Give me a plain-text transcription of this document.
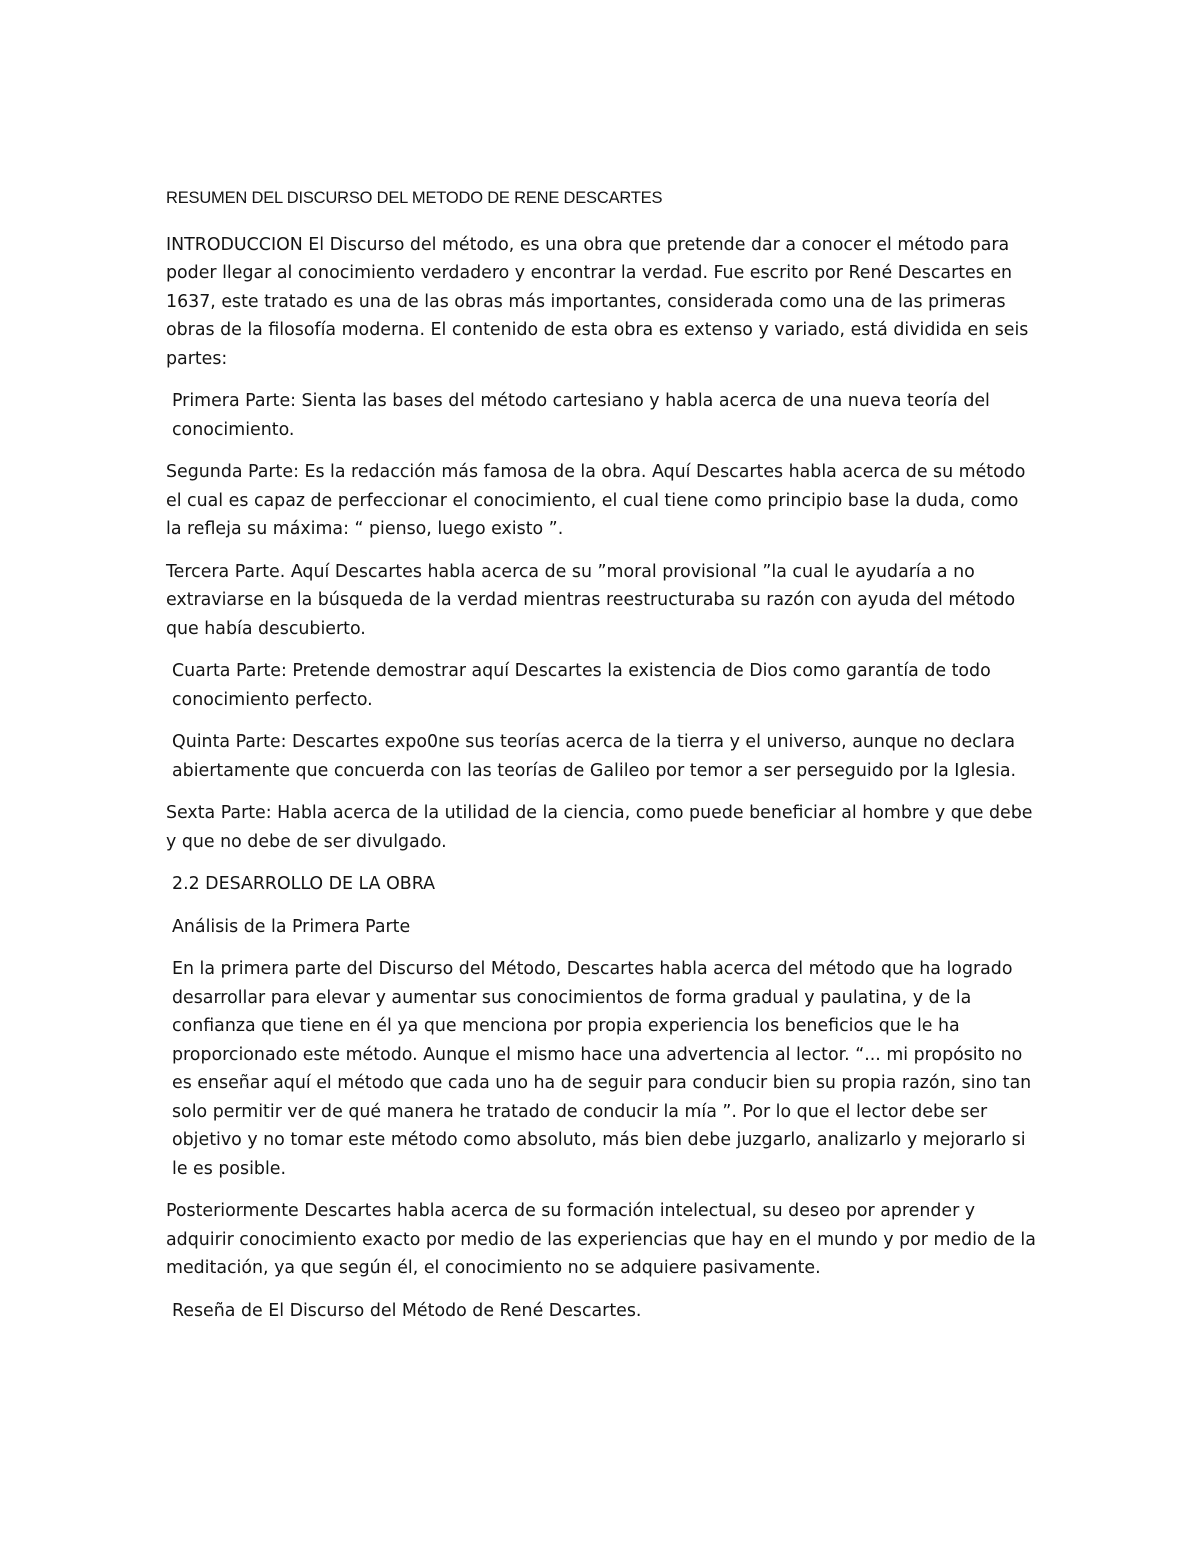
RESUMEN DEL DISCURSO DEL METODO DE RENE DESCARTES

INTRODUCCION El Discurso del método, es una obra que pretende dar a conocer el método para poder llegar al conocimiento verdadero y encontrar la verdad. Fue escrito por René Descartes en 1637, este tratado es una de las obras más importantes, considerada como una de las primeras obras de la filosofía moderna. El contenido de esta obra es extenso y variado, está dividida en seis partes:

Primera Parte: Sienta las bases del método cartesiano y habla acerca de una nueva teoría del conocimiento.

Segunda Parte: Es la redacción más famosa de la obra. Aquí Descartes habla acerca de su método el cual es capaz de perfeccionar el conocimiento, el cual tiene como principio base la duda, como la refleja su máxima: “ pienso, luego existo ”.

Tercera Parte. Aquí Descartes habla acerca de su ”moral provisional ”la cual le ayudaría a no extraviarse en la búsqueda de la verdad mientras reestructuraba su razón con ayuda del método que había descubierto.

Cuarta Parte: Pretende demostrar aquí Descartes la existencia de Dios como garantía de todo conocimiento perfecto.

Quinta Parte: Descartes expo0ne sus teorías acerca de la tierra y el universo, aunque no declara abiertamente que concuerda con las teorías de Galileo por temor a ser perseguido por la Iglesia.

Sexta Parte: Habla acerca de la utilidad de la ciencia, como puede beneficiar al hombre y que debe y que no debe de ser divulgado.

2.2 DESARROLLO DE LA OBRA

Análisis de la Primera Parte

En la primera parte del Discurso del Método, Descartes habla acerca del método que ha logrado desarrollar para elevar y aumentar sus conocimientos de forma gradual y paulatina, y de la confianza que tiene en él ya que menciona por propia experiencia los beneficios que le ha proporcionado este método. Aunque el mismo hace una advertencia al lector. “... mi propósito no es enseñar aquí el método que cada uno ha de seguir para conducir bien su propia razón, sino tan solo permitir ver de qué manera he tratado de conducir la mía ”. Por lo que el lector debe ser objetivo y no tomar este método como absoluto, más bien debe juzgarlo, analizarlo y mejorarlo si le es posible.

Posteriormente Descartes habla acerca de su formación intelectual, su deseo por aprender y adquirir conocimiento exacto por medio de las experiencias que hay en el mundo y por medio de la meditación, ya que según él, el conocimiento no se adquiere pasivamente.

Reseña de El Discurso del Método de René Descartes.
